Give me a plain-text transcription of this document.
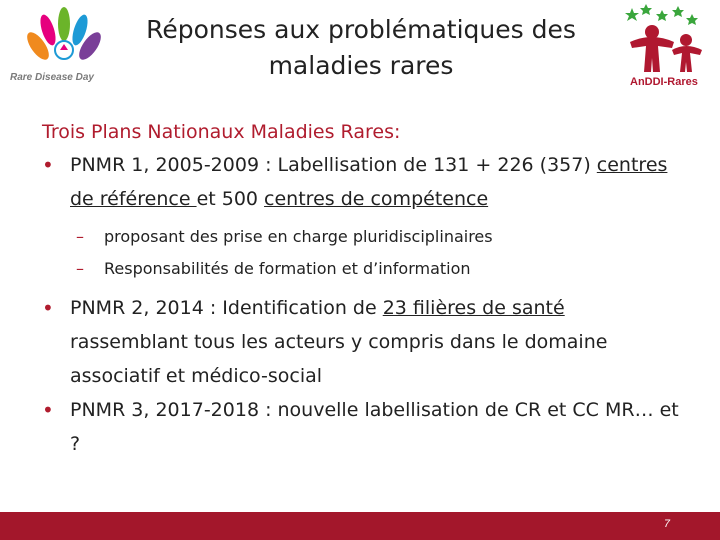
Rare Disease Day
Réponses aux problématiques des
maladies rares
AnDDI-Rares
Trois Plans Nationaux Maladies Rares:
• PNMR 1, 2005-2009 : Labellisation de 131 + 226 (357) centres de référence et 500 centres de compétence
– proposant des prise en charge pluridisciplinaires
– Responsabilités de formation et d’information
• PNMR 2, 2014 : Identification de 23 filières de santé rassemblant tous les acteurs y compris dans le domaine associatif et médico-social
• PNMR 3, 2017-2018 : nouvelle labellisation de CR et CC MR… et ?
7
